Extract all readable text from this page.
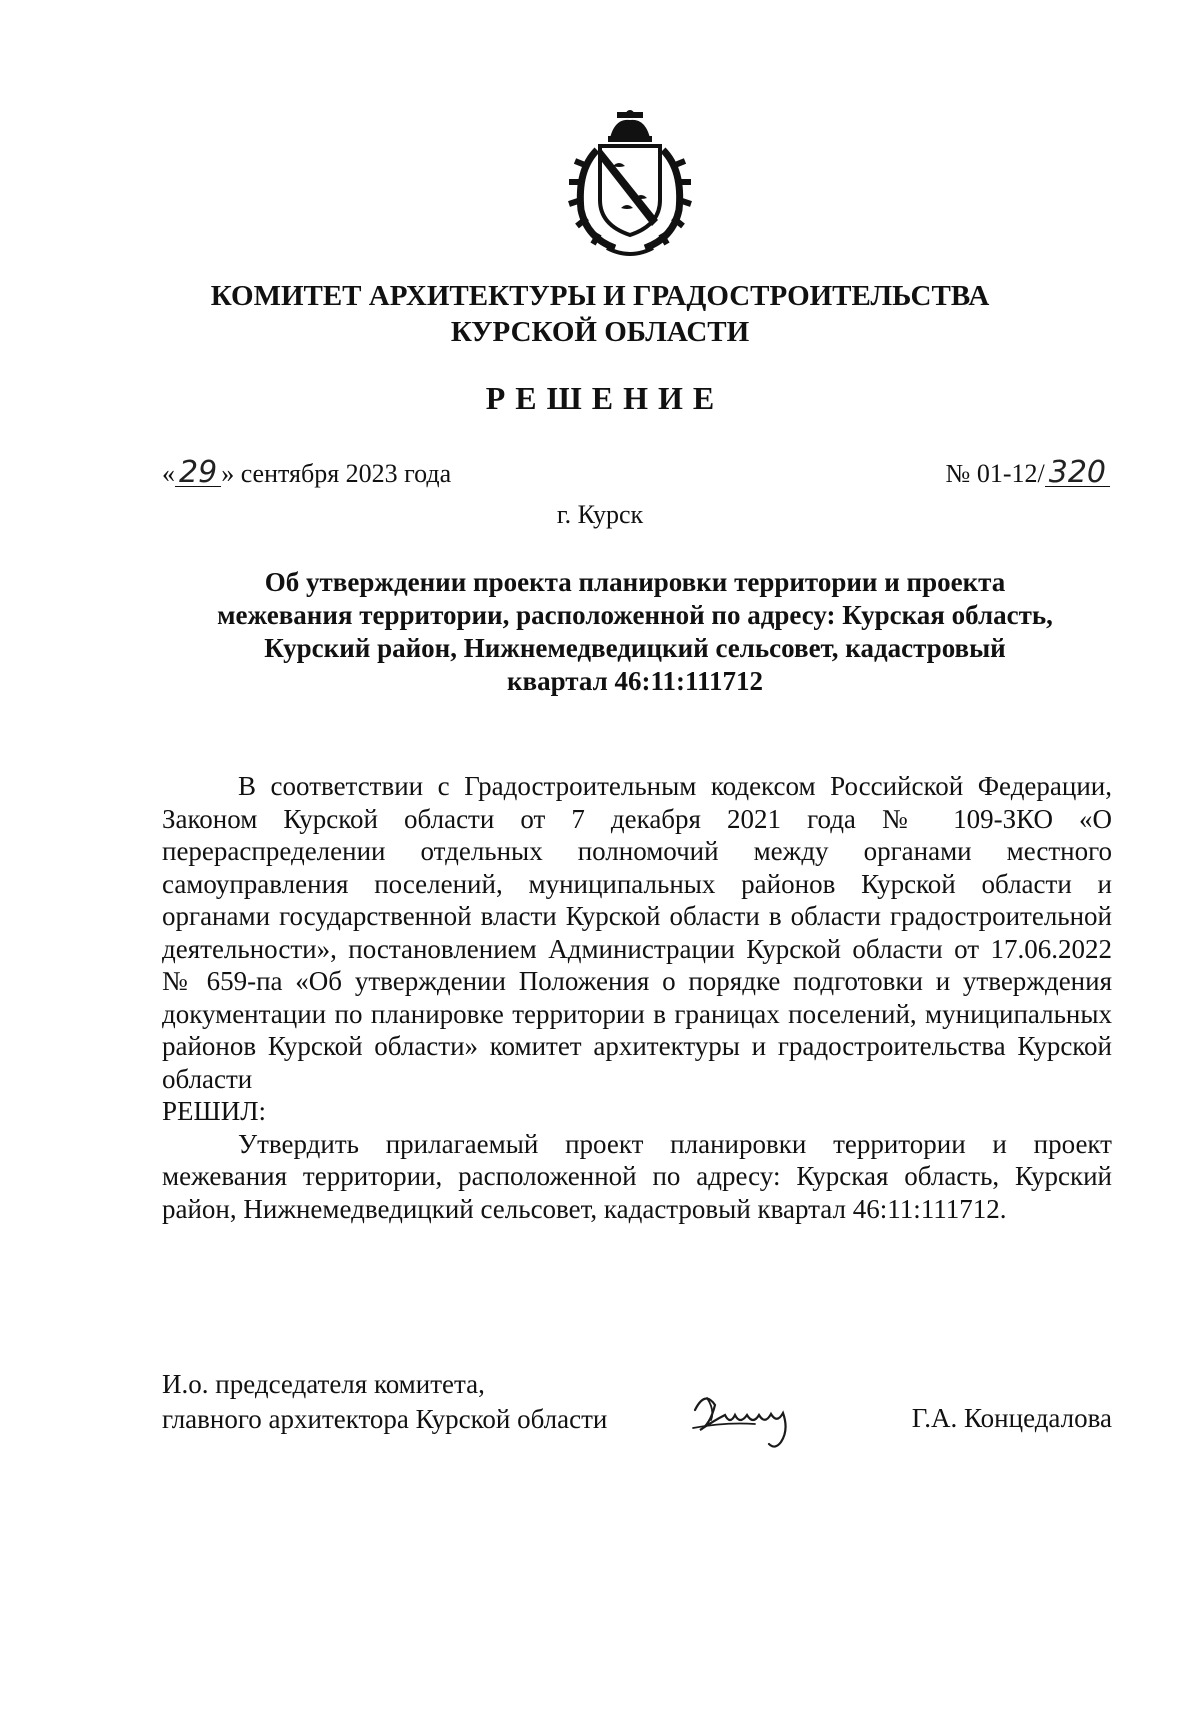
КОМИТЕТ АРХИТЕКТУРЫ И ГРАДОСТРОИТЕЛЬСТВА
КУРСКОЙ ОБЛАСТИ
РЕШЕНИЕ
« 29 » сентября 2023 года	№ 01-12/ 320
г. Курск
Об утверждении проекта планировки территории и проекта
межевания территории, расположенной по адресу: Курская область,
Курский район, Нижнемедведицкий сельсовет, кадастровый
квартал 46:11:111712

В соответствии с Градостроительным кодексом Российской Федерации, Законом Курской области от 7 декабря 2021 года № 109-ЗКО «О перераспределении отдельных полномочий между органами местного самоуправления поселений, муниципальных районов Курской области и органами государственной власти Курской области в области градостроительной деятельности», постановлением Администрации Курской области от 17.06.2022 № 659-па «Об утверждении Положения о порядке подготовки и утверждения документации по планировке территории в границах поселений, муниципальных районов Курской области» комитет архитектуры и градостроительства Курской области

РЕШИЛ:

Утвердить прилагаемый проект планировки территории и проект межевания территории, расположенной по адресу: Курская область, Курский район, Нижнемедведицкий сельсовет, кадастровый квартал 46:11:111712.

И.о. председателя комитета,
главного архитектора Курской области	Г.А. Концедалова
